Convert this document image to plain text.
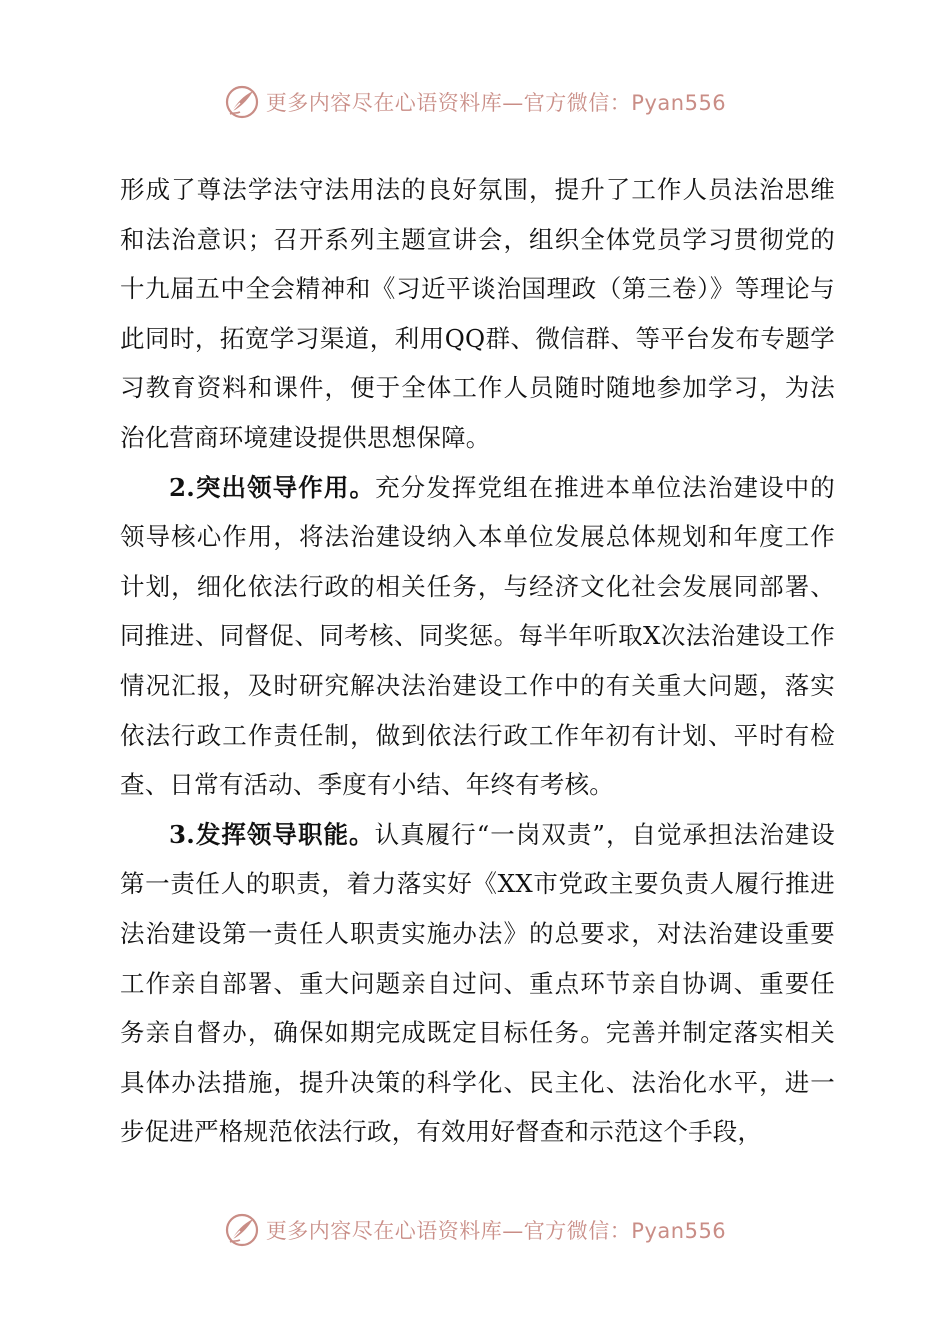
更多内容尽在心语资料库—官方微信：Pyan556

形成了尊法学法守法用法的良好氛围，提升了工作人员法治思维和法治意识；召开系列主题宣讲会，组织全体党员学习贯彻党的十九届五中全会精神和《习近平谈治国理政（第三卷）》等理论与此同时，拓宽学习渠道，利用QQ群、微信群、等平台发布专题学习教育资料和课件，便于全体工作人员随时随地参加学习，为法治化营商环境建设提供思想保障。

2.突出领导作用。充分发挥党组在推进本单位法治建设中的领导核心作用，将法治建设纳入本单位发展总体规划和年度工作计划，细化依法行政的相关任务，与经济文化社会发展同部署、同推进、同督促、同考核、同奖惩。每半年听取X次法治建设工作情况汇报，及时研究解决法治建设工作中的有关重大问题，落实依法行政工作责任制，做到依法行政工作年初有计划、平时有检查、日常有活动、季度有小结、年终有考核。

3.发挥领导职能。认真履行“一岗双责”，自觉承担法治建设第一责任人的职责，着力落实好《XX市党政主要负责人履行推进法治建设第一责任人职责实施办法》的总要求，对法治建设重要工作亲自部署、重大问题亲自过问、重点环节亲自协调、重要任务亲自督办，确保如期完成既定目标任务。完善并制定落实相关具体办法措施，提升决策的科学化、民主化、法治化水平，进一步促进严格规范依法行政，有效用好督查和示范这个手段，

更多内容尽在心语资料库—官方微信：Pyan556
